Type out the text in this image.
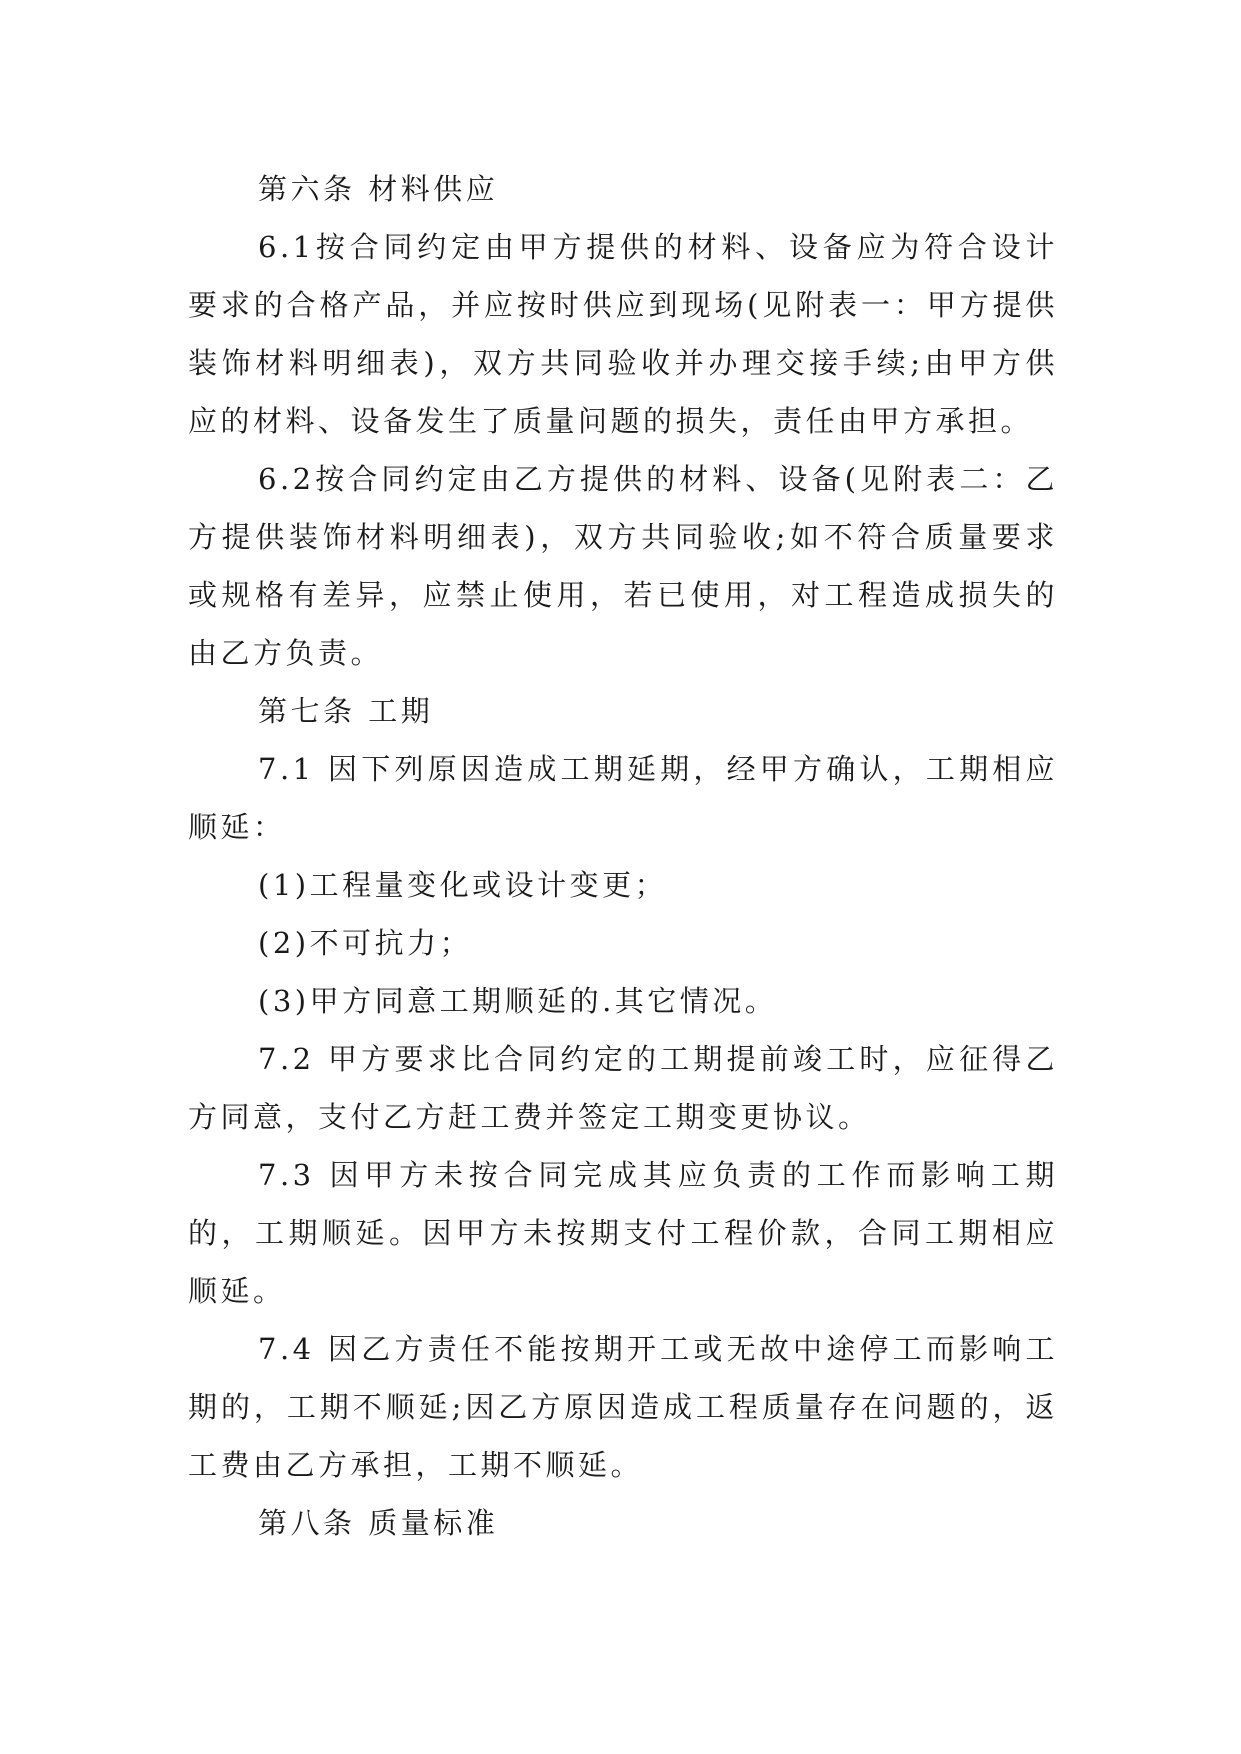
第六条 材料供应

6.1按合同约定由甲方提供的材料、设备应为符合设计要求的合格产品，并应按时供应到现场(见附表一：甲方提供装饰材料明细表)，双方共同验收并办理交接手续;由甲方供应的材料、设备发生了质量问题的损失，责任由甲方承担。

6.2按合同约定由乙方提供的材料、设备(见附表二：乙方提供装饰材料明细表)，双方共同验收;如不符合质量要求或规格有差异，应禁止使用，若已使用，对工程造成损失的由乙方负责。

第七条 工期

7.1 因下列原因造成工期延期，经甲方确认，工期相应顺延：

(1)工程量变化或设计变更；

(2)不可抗力；

(3)甲方同意工期顺延的.其它情况。

7.2 甲方要求比合同约定的工期提前竣工时，应征得乙方同意，支付乙方赶工费并签定工期变更协议。

7.3 因甲方未按合同完成其应负责的工作而影响工期的，工期顺延。因甲方未按期支付工程价款，合同工期相应顺延。

7.4 因乙方责任不能按期开工或无故中途停工而影响工期的，工期不顺延;因乙方原因造成工程质量存在问题的，返工费由乙方承担，工期不顺延。

第八条 质量标准
